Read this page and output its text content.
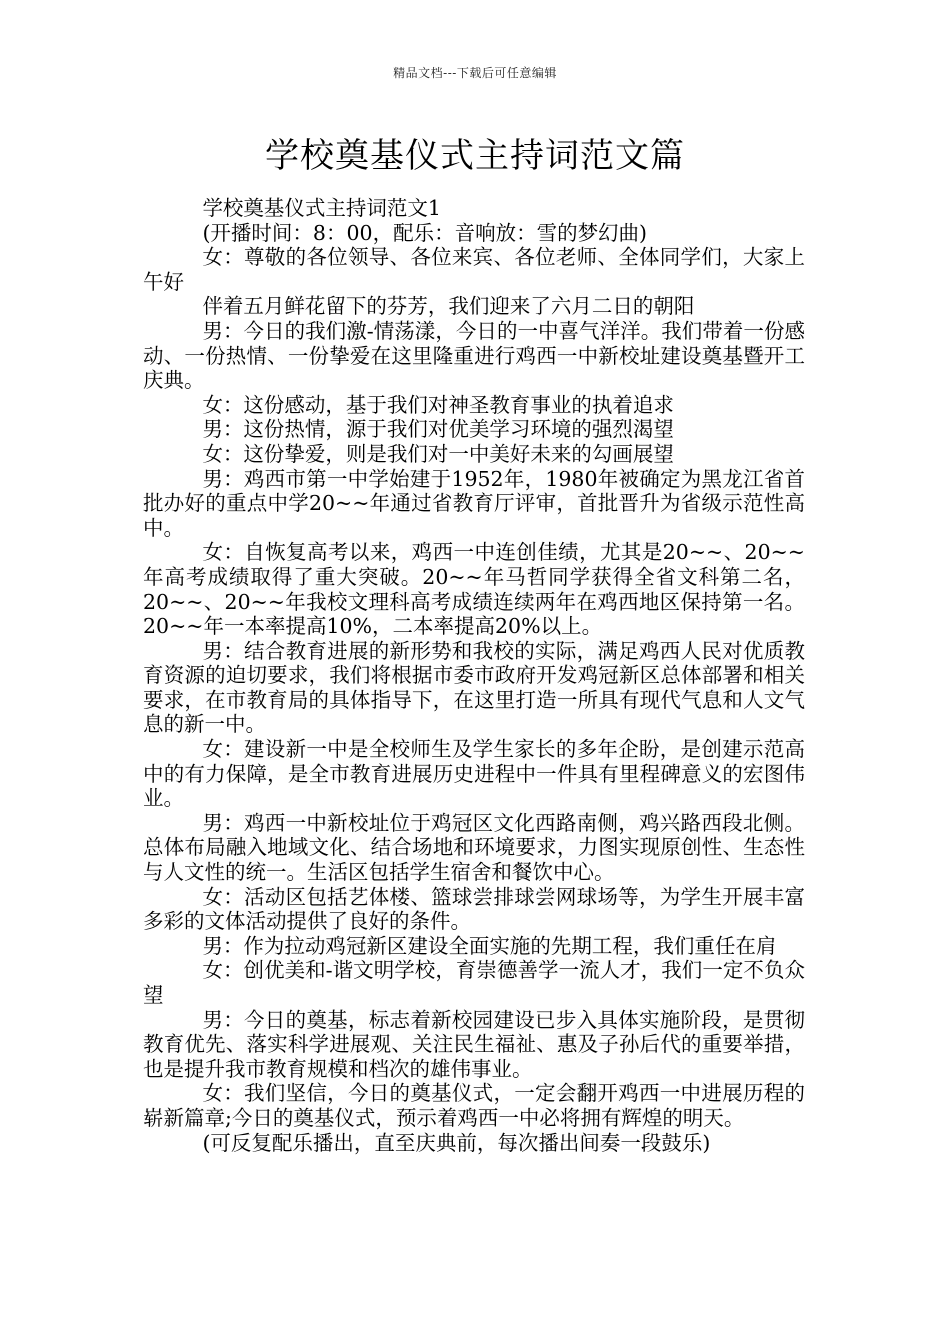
精品文档---下载后可任意编辑
学校奠基仪式主持词范文篇

学校奠基仪式主持词范文1

(开播时间：8：00，配乐：音响放：雪的梦幻曲)

女：尊敬的各位领导、各位来宾、各位老师、全体同学们，大家上午好

伴着五月鲜花留下的芬芳，我们迎来了六月二日的朝阳

男：今日的我们激-情荡漾，今日的一中喜气洋洋。我们带着一份感动、一份热情、一份挚爱在这里隆重进行鸡西一中新校址建设奠基暨开工庆典。

女：这份感动，基于我们对神圣教育事业的执着追求

男：这份热情，源于我们对优美学习环境的强烈渴望

女：这份挚爱，则是我们对一中美好未来的勾画展望

男：鸡西市第一中学始建于1952年，1980年被确定为黑龙江省首批办好的重点中学20~~年通过省教育厅评审，首批晋升为省级示范性高中。

女：自恢复高考以来，鸡西一中连创佳绩，尤其是20~~、20~~年高考成绩取得了重大突破。20~~年马哲同学获得全省文科第二名，20~~、20~~年我校文理科高考成绩连续两年在鸡西地区保持第一名。20~~年一本率提高10%，二本率提高20%以上。

男：结合教育进展的新形势和我校的实际，满足鸡西人民对优质教育资源的迫切要求，我们将根据市委市政府开发鸡冠新区总体部署和相关要求，在市教育局的具体指导下，在这里打造一所具有现代气息和人文气息的新一中。

女：建设新一中是全校师生及学生家长的多年企盼，是创建示范高中的有力保障，是全市教育进展历史进程中一件具有里程碑意义的宏图伟业。

男：鸡西一中新校址位于鸡冠区文化西路南侧，鸡兴路西段北侧。总体布局融入地域文化、结合场地和环境要求，力图实现原创性、生态性与人文性的统一。生活区包括学生宿舍和餐饮中心。

女：活动区包括艺体楼、篮球尝排球尝网球场等，为学生开展丰富多彩的文体活动提供了良好的条件。

男：作为拉动鸡冠新区建设全面实施的先期工程，我们重任在肩

女：创优美和-谐文明学校，育崇德善学一流人才，我们一定不负众望

男：今日的奠基，标志着新校园建设已步入具体实施阶段，是贯彻教育优先、落实科学进展观、关注民生福祉、惠及子孙后代的重要举措，也是提升我市教育规模和档次的雄伟事业。

女：我们坚信，今日的奠基仪式，一定会翻开鸡西一中进展历程的崭新篇章;今日的奠基仪式，预示着鸡西一中必将拥有辉煌的明天。

(可反复配乐播出，直至庆典前，每次播出间奏一段鼓乐)
